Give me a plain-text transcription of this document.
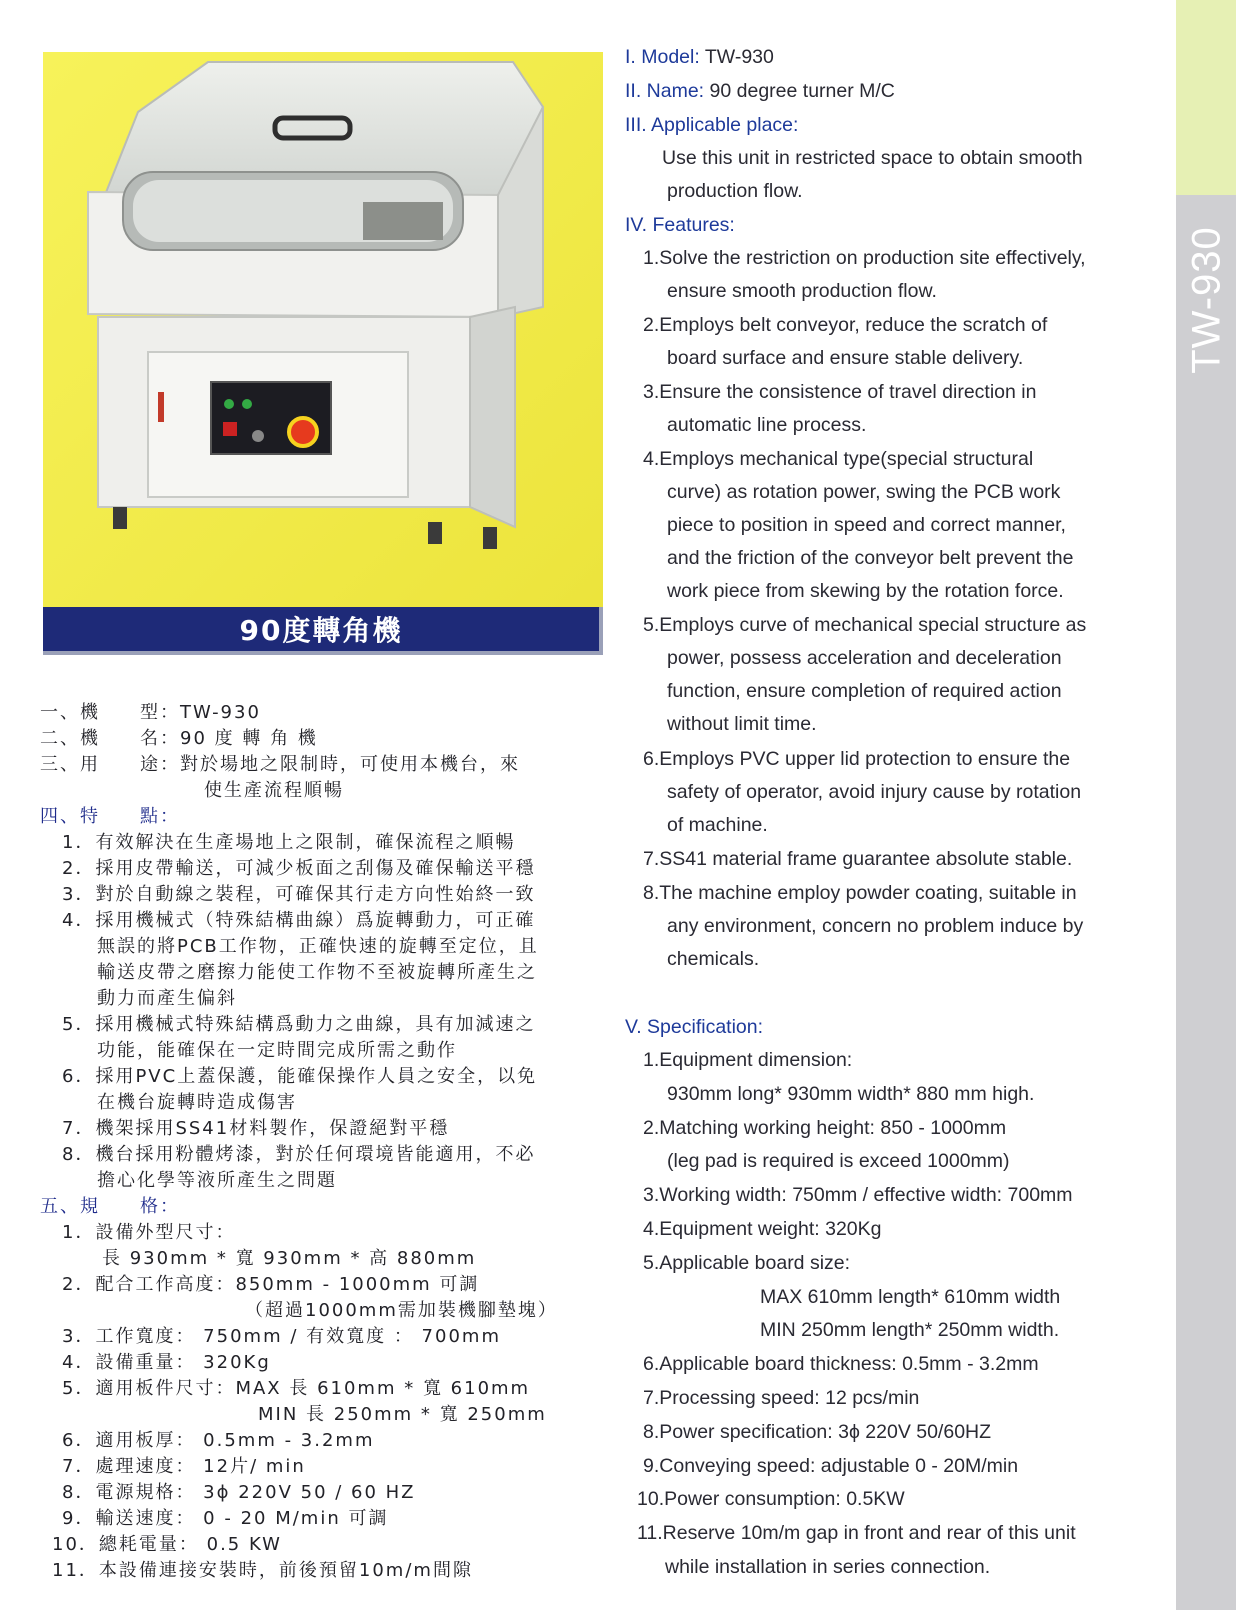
TW-930
90度轉角機
I. Model: TW-930
II. Name: 90 degree turner M/C
III. Applicable place:
Use this unit in restricted space to obtain smooth
production flow.
IV. Features:
1.Solve the restriction on production site effectively,
ensure smooth production flow.
2.Employs belt conveyor, reduce the scratch of
board surface and ensure stable delivery.
3.Ensure the consistence of travel direction in
automatic line process.
4.Employs mechanical type(special structural
curve) as rotation power, swing the PCB work
piece to position in speed and correct manner,
and the friction of the conveyor belt prevent the
work piece from skewing by the rotation force.
5.Employs curve of mechanical special structure as
power, possess acceleration and deceleration
function, ensure completion of required action
without limit time.
6.Employs PVC upper lid protection to ensure the
safety of operator, avoid injury cause by rotation
of machine.
7.SS41 material frame guarantee absolute stable.
8.The machine employ powder coating, suitable in
any environment, concern no problem induce by
chemicals.
V. Specification:
1.Equipment dimension:
930mm long* 930mm width* 880 mm high.
2.Matching working height: 850 - 1000mm
(leg pad is required is exceed 1000mm)
3.Working width: 750mm / effective width: 700mm
4.Equipment weight: 320Kg
5.Applicable board size:
MAX 610mm length* 610mm width
MIN 250mm length* 250mm width.
6.Applicable board thickness: 0.5mm - 3.2mm
7.Processing speed: 12 pcs/min
8.Power specification: 3ϕ 220V 50/60HZ
9.Conveying speed: adjustable 0 - 20M/min
10.Power consumption: 0.5KW
11.Reserve 10m/m gap in front and rear of this unit
while installation in series connection.
一、機　　型：TW-930
二、機　　名：90 度 轉 角 機
三、用　　途：對於場地之限制時，可使用本機台，來
使生產流程順暢
四、特　　點：
1．有效解決在生產場地上之限制，確保流程之順暢
2．採用皮帶輸送，可減少板面之刮傷及確保輸送平穩
3．對於自動線之裝程，可確保其行走方向性始終一致
4．採用機械式（特殊結構曲線）爲旋轉動力，可正確
無誤的將PCB工作物，正確快速的旋轉至定位，且
輸送皮帶之磨擦力能使工作物不至被旋轉所產生之
動力而產生偏斜
5．採用機械式特殊結構爲動力之曲線，具有加減速之
功能，能確保在一定時間完成所需之動作
6．採用PVC上蓋保護，能確保操作人員之安全，以免
在機台旋轉時造成傷害
7．機架採用SS41材料製作，保證絕對平穩
8．機台採用粉體烤漆，對於任何環境皆能適用，不必
擔心化學等液所產生之問題
五、規　　格：
1．設備外型尺寸：
長 930mm * 寬 930mm * 高 880mm
2．配合工作高度：850mm - 1000mm 可調
（超過1000mm需加裝機腳墊塊）
3．工作寬度： 750mm / 有效寬度 ： 700mm
4．設備重量： 320Kg
5．適用板件尺寸：MAX 長 610mm * 寬 610mm
MIN 長 250mm * 寬 250mm
6．適用板厚： 0.5mm - 3.2mm
7．處理速度： 12片/ min
8．電源規格： 3ϕ 220V 50 / 60 HZ
9．輸送速度： 0 - 20 M/min 可調
10．總耗電量： 0.5 KW
11．本設備連接安裝時，前後預留10m/m間隙
